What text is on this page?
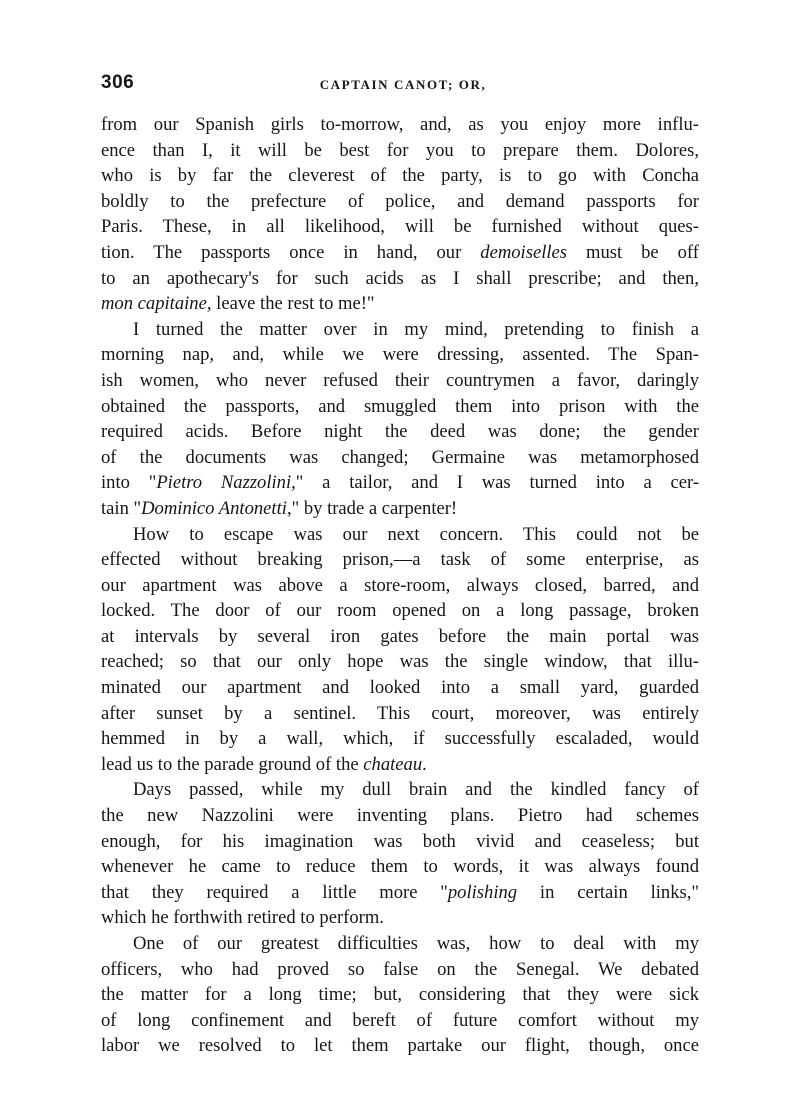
306	CAPTAIN CANOT; OR,
from our Spanish girls to-morrow, and, as you enjoy more influ-
ence than I, it will be best for you to prepare them. Dolores,
who is by far the cleverest of the party, is to go with Concha
boldly to the prefecture of police, and demand passports for
Paris. These, in all likelihood, will be furnished without ques-
tion. The passports once in hand, our demoiselles must be off
to an apothecary's for such acids as I shall prescribe; and then,
mon capitaine, leave the rest to me!"
I turned the matter over in my mind, pretending to finish a
morning nap, and, while we were dressing, assented. The Span-
ish women, who never refused their countrymen a favor, daringly
obtained the passports, and smuggled them into prison with the
required acids. Before night the deed was done; the gender
of the documents was changed; Germaine was metamorphosed
into "Pietro Nazzolini," a tailor, and I was turned into a cer-
tain "Dominico Antonetti," by trade a carpenter!
How to escape was our next concern. This could not be
effected without breaking prison,—a task of some enterprise, as
our apartment was above a store-room, always closed, barred, and
locked. The door of our room opened on a long passage, broken
at intervals by several iron gates before the main portal was
reached; so that our only hope was the single window, that illu-
minated our apartment and looked into a small yard, guarded
after sunset by a sentinel. This court, moreover, was entirely
hemmed in by a wall, which, if successfully escaladed, would
lead us to the parade ground of the chateau.
Days passed, while my dull brain and the kindled fancy of
the new Nazzolini were inventing plans. Pietro had schemes
enough, for his imagination was both vivid and ceaseless; but
whenever he came to reduce them to words, it was always found
that they required a little more "polishing in certain links,"
which he forthwith retired to perform.
One of our greatest difficulties was, how to deal with my
officers, who had proved so false on the Senegal. We debated
the matter for a long time; but, considering that they were sick
of long confinement and bereft of future comfort without my
labor we resolved to let them partake our flight, though, once
